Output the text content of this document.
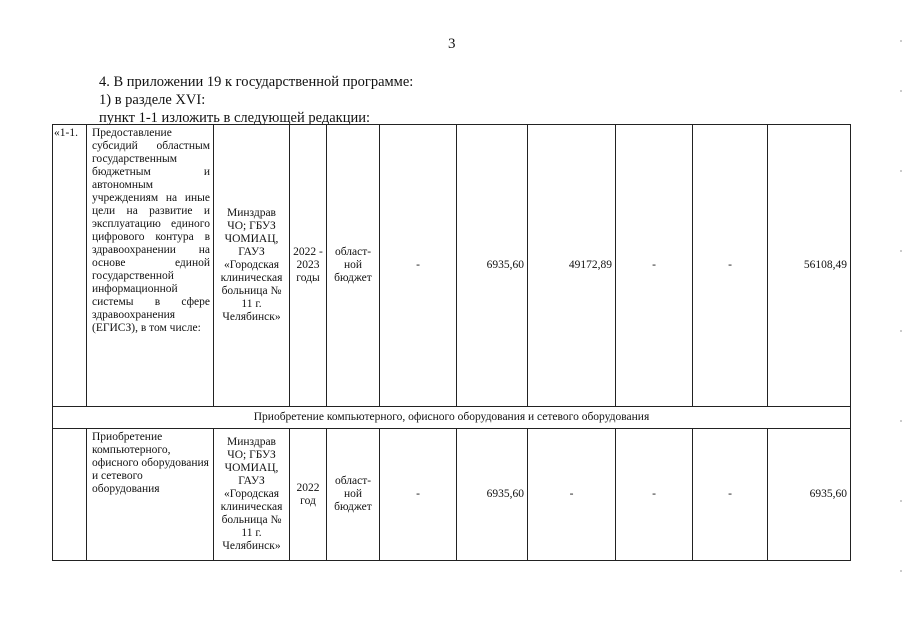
3
4. В приложении 19 к государственной программе:
1) в разделе XVI:
пункт 1-1 изложить в следующей редакции:
«1-1.	Предоставление субсидий областным государственным бюджетным и автономным учреждениям на иные цели на развитие и эксплуатацию единого цифрового контура в здравоохранении на основе единой государственной информационной системы в сфере здравоохранения (ЕГИСЗ), в том числе:	Минздрав ЧО; ГБУЗ ЧОМИАЦ, ГАУЗ «Городская клиническая больница № 11 г. Челябинск»	2022 - 2023 годы	област-ной бюджет	-	6935,60	49172,89	-	-	56108,49
Приобретение компьютерного, офисного оборудования и сетевого оборудования										
	Приобретение компьютерного, офисного оборудования и сетевого оборудования	Минздрав ЧО; ГБУЗ ЧОМИАЦ, ГАУЗ «Городская клиническая больница № 11 г. Челябинск»	2022 год	област-ной бюджет	-	6935,60	-	-	-	6935,60
